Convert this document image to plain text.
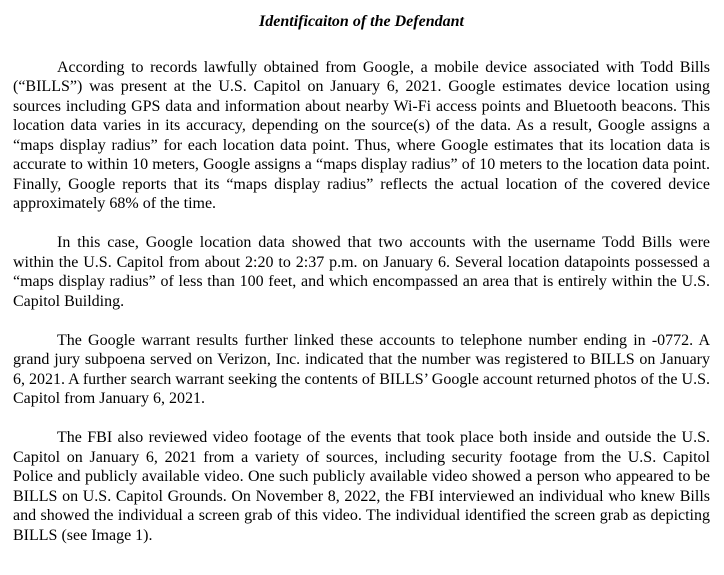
Identificaiton of the Defendant

According to records lawfully obtained from Google, a mobile device associated with Todd Bills (“BILLS”) was present at the U.S. Capitol on January 6, 2021. Google estimates device location using sources including GPS data and information about nearby Wi-Fi access points and Bluetooth beacons. This location data varies in its accuracy, depending on the source(s) of the data. As a result, Google assigns a “maps display radius” for each location data point. Thus, where Google estimates that its location data is accurate to within 10 meters, Google assigns a “maps display radius” of 10 meters to the location data point. Finally, Google reports that its “maps display radius” reflects the actual location of the covered device approximately 68% of the time.

In this case, Google location data showed that two accounts with the username Todd Bills were within the U.S. Capitol from about 2:20 to 2:37 p.m. on January 6. Several location datapoints possessed a “maps display radius” of less than 100 feet, and which encompassed an area that is entirely within the U.S. Capitol Building.

The Google warrant results further linked these accounts to telephone number ending in -0772. A grand jury subpoena served on Verizon, Inc. indicated that the number was registered to BILLS on January 6, 2021. A further search warrant seeking the contents of BILLS’ Google account returned photos of the U.S. Capitol from January 6, 2021.

The FBI also reviewed video footage of the events that took place both inside and outside the U.S. Capitol on January 6, 2021 from a variety of sources, including security footage from the U.S. Capitol Police and publicly available video. One such publicly available video showed a person who appeared to be BILLS on U.S. Capitol Grounds. On November 8, 2022, the FBI interviewed an individual who knew Bills and showed the individual a screen grab of this video. The individual identified the screen grab as depicting BILLS (see Image 1).
